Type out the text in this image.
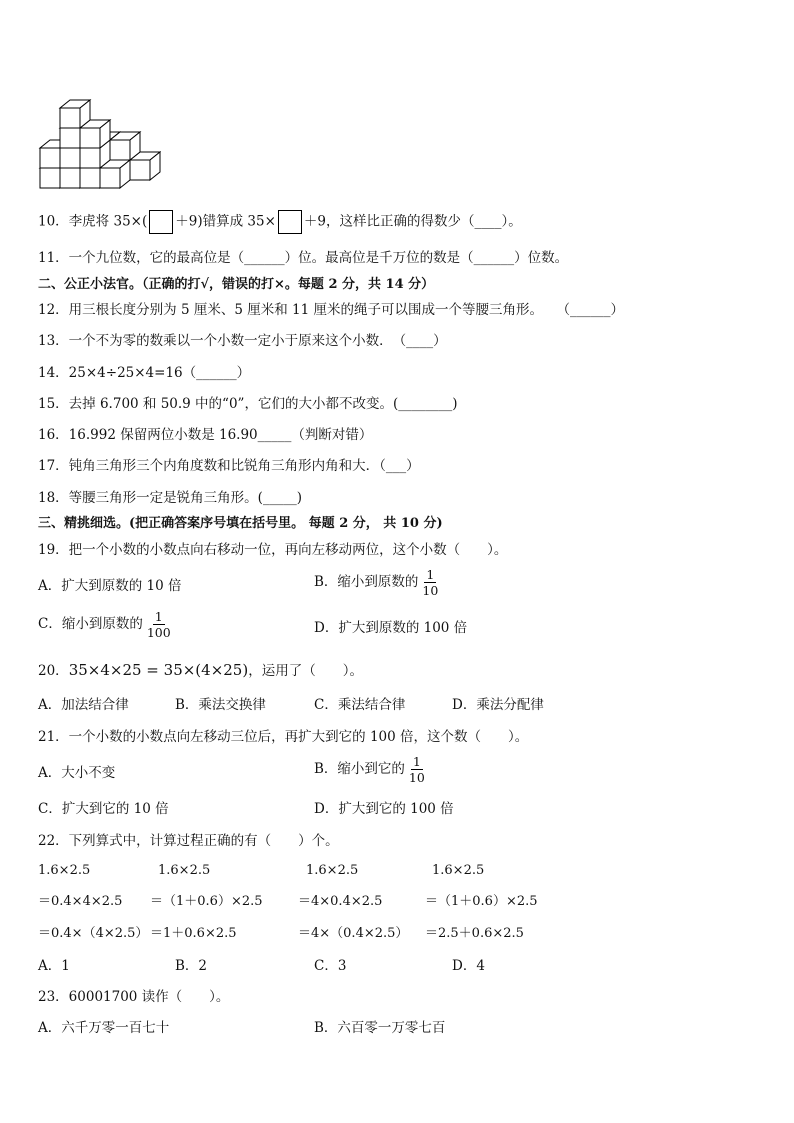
10．李虎将 35×( ＋9)错算成 35× ＋9，这样比正确的得数少（____）。
11．一个九位数，它的最高位是（______）位。最高位是千万位的数是（______）位数。
二、公正小法官。（正确的打√，错误的打×。每题 2 分，共 14 分）
12．用三根长度分别为 5 厘米、5 厘米和 11 厘米的绳子可以围成一个等腰三角形。　　（______）
13．一个不为零的数乘以一个小数一定小于原来这个小数．　（____）
14．25×4÷25×4=16（______）
15．去掉 6.700 和 50.9 中的“0”，它们的大小都不改变。(________)
16．16.992 保留两位小数是 16.90_____（判断对错）
17．钝角三角形三个内角度数和比锐角三角形内角和大．（___）
18．等腰三角形一定是锐角三角形。(_____)
三、精挑细选。(把正确答案序号填在括号里。 每题 2 分， 共 10 分)
19．把一个小数的小数点向右移动一位，再向左移动两位，这个小数（　　）。
A．扩大到原数的 10 倍	B．缩小到原数的 $\frac{1}{10}$
C．缩小到原数的 $\frac{1}{100}$	D．扩大到原数的 100 倍
20．35×4×25 = 35×(4×25)，运用了（　　）。
A．加法结合律	B．乘法交换律	C．乘法结合律	D．乘法分配律
21．一个小数的小数点向左移动三位后，再扩大到它的 100 倍，这个数（　　）。
A．大小不变	B．缩小到它的 $\frac{1}{10}$
C．扩大到它的 10 倍	D．扩大到它的 100 倍
22．下列算式中，计算过程正确的有（　　）个。
1.6×2.5	1.6×2.5	1.6×2.5	1.6×2.5
＝0.4×4×2.5 ＝（1＋0.6）×2.5	＝4×0.4×2.5	＝（1＋0.6）×2.5
＝0.4×（4×2.5） ＝1＋0.6×2.5	＝4×（0.4×2.5） ＝2.5＋0.6×2.5
A．1	B．2	C．3	D．4
23．60001700 读作（　　）。
A．六千万零一百七十	B．六百零一万零七百
